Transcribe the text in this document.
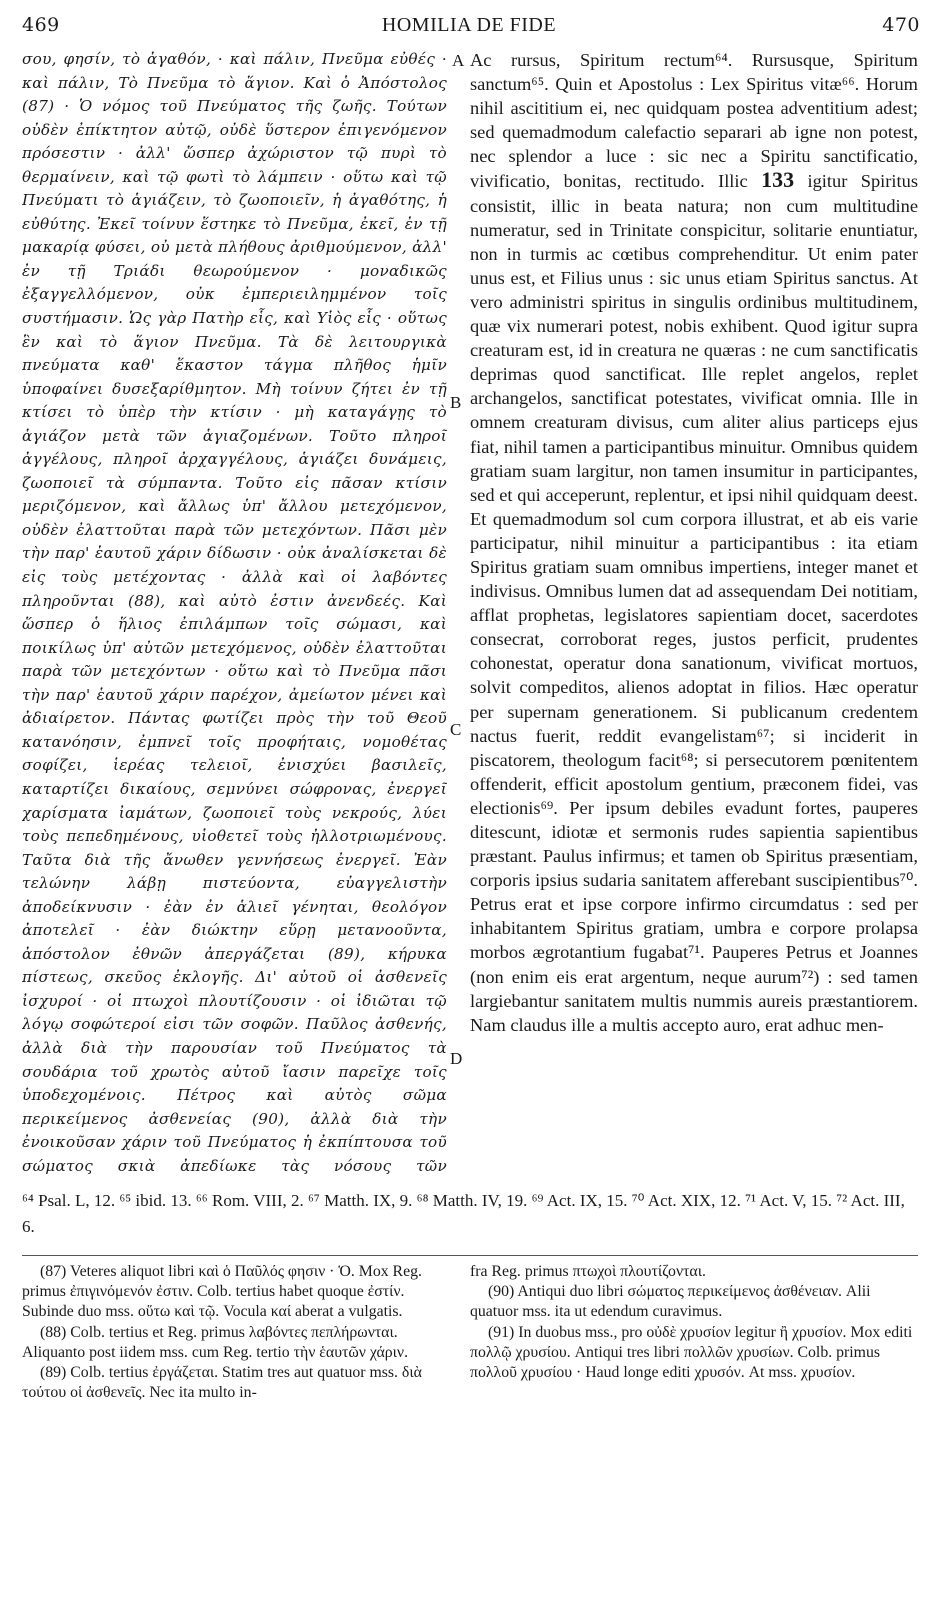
469	HOMILIA DE FIDE	470
σου, φησίν, τὸ ἀγαθόν, · καὶ πάλιν, Πνεῦμα εὐθές · καὶ πάλιν, Τὸ Πνεῦμα τὸ ἅγιον. Καὶ ὁ Ἀπόστολος (87) · Ὁ νόμος τοῦ Πνεύματος τῆς ζωῆς. Τούτων οὐδὲν ἐπίκτητον αὐτῷ, οὐδὲ ὕστερον ἐπιγενόμενον πρόσεστιν · ἀλλ' ὥσπερ ἀχώριστον τῷ πυρὶ τὸ θερμαίνειν, καὶ τῷ φωτὶ τὸ λάμπειν · οὕτω καὶ τῷ Πνεύματι τὸ ἁγιάζειν, τὸ ζωοποιεῖν, ἡ ἀγαθότης, ἡ εὐθύτης. Ἐκεῖ τοίνυν ἕστηκε τὸ Πνεῦμα, ἐκεῖ, ἐν τῇ μακαρίᾳ φύσει, οὐ μετὰ πλήθους ἀριθμούμενον, ἀλλ' ἐν τῇ Τριάδι θεωρούμενον · μοναδικῶς ἐξαγγελλόμενον, οὐκ ἐμπεριειλημμένον τοῖς συστήμασιν. Ὡς γὰρ Πατὴρ εἷς, καὶ Υἱὸς εἷς · οὕτως ἓν καὶ τὸ ἅγιον Πνεῦμα. Τὰ δὲ λειτουργικὰ πνεύματα καθ' ἕκαστον τάγμα πλῆθος ἡμῖν ὑποφαίνει δυσεξαρίθμητον. Μὴ τοίνυν ζήτει ἐν τῇ κτίσει τὸ ὑπὲρ τὴν κτίσιν · μὴ καταγάγῃς τὸ ἁγιάζον μετὰ τῶν ἁγιαζομένων. Τοῦτο πληροῖ ἀγγέλους, πληροῖ ἀρχαγγέλους, ἁγιάζει δυνάμεις, ζωοποιεῖ τὰ σύμπαντα. Τοῦτο εἰς πᾶσαν κτίσιν μεριζόμενον, καὶ ἄλλως ὑπ' ἄλλου μετεχόμενον, οὐδὲν ἐλαττοῦται παρὰ τῶν μετεχόντων. Πᾶσι μὲν τὴν παρ' ἑαυτοῦ χάριν δίδωσιν · οὐκ ἀναλίσκεται δὲ εἰς τοὺς μετέχοντας · ἀλλὰ καὶ οἱ λαβόντες πληροῦνται (88), καὶ αὐτὸ ἐστιν ἀνενδεές. Καὶ ὥσπερ ὁ ἥλιος ἐπιλάμπων τοῖς σώμασι, καὶ ποικίλως ὑπ' αὐτῶν μετεχόμενος, οὐδὲν ἐλαττοῦται παρὰ τῶν μετεχόντων · οὕτω καὶ τὸ Πνεῦμα πᾶσι τὴν παρ' ἑαυτοῦ χάριν παρέχον, ἀμείωτον μένει καὶ ἀδιαίρετον. Πάντας φωτίζει πρὸς τὴν τοῦ Θεοῦ κατανόησιν, ἐμπνεῖ τοῖς προφήταις, νομοθέτας σοφίζει, ἱερέας τελειοῖ, ἐνισχύει βασιλεῖς, καταρτίζει δικαίους, σεμνύνει σώφρονας, ἐνεργεῖ χαρίσματα ἰαμάτων, ζωοποιεῖ τοὺς νεκρούς, λύει τοὺς πεπεδημένους, υἱοθετεῖ τοὺς ἠλλοτριωμένους. Ταῦτα διὰ τῆς ἄνωθεν γεννήσεως ἐνεργεῖ. Ἐὰν τελώνην λάβῃ πιστεύοντα, εὐαγγελιστὴν ἀποδείκνυσιν · ἐὰν ἐν ἁλιεῖ γένηται, θεολόγον ἀποτελεῖ · ἐὰν διώκτην εὕρῃ μετανοοῦντα, ἀπόστολον ἐθνῶν ἀπεργάζεται (89), κήρυκα πίστεως, σκεῦος ἐκλογῆς. Δι' αὐτοῦ οἱ ἀσθενεῖς ἰσχυροί · οἱ πτωχοὶ πλουτίζουσιν · οἱ ἰδιῶται τῷ λόγῳ σοφώτεροί εἰσι τῶν σοφῶν. Παῦλος ἀσθενής, ἀλλὰ διὰ τὴν παρουσίαν τοῦ Πνεύματος τὰ σουδάρια τοῦ χρωτὸς αὐτοῦ ἴασιν παρεῖχε τοῖς ὑποδεχομένοις. Πέτρος καὶ αὐτὸς σῶμα περικείμενος ἀσθενείας (90), ἀλλὰ διὰ τὴν ἐνοικοῦσαν χάριν τοῦ Πνεύματος ἡ ἐκπίπτουσα τοῦ σώματος σκιὰ ἀπεδίωκε τὰς νόσους τῶν
Ac rursus, Spiritum rectum⁶⁴. Rursusque, Spiritum sanctum⁶⁵. Quin et Apostolus : Lex Spiritus vitæ⁶⁶. Horum nihil ascititium ei, nec quidquam postea adventitium adest; sed quemadmodum calefactio separari ab igne non potest, nec splendor a luce : sic nec a Spiritu sanctificatio, vivificatio, bonitas, rectitudo. Illic 133 igitur Spiritus consistit, illic in beata natura; non cum multitudine numeratur, sed in Trinitate conspicitur, solitarie enuntiatur, non in turmis ac cœtibus comprehenditur. Ut enim pater unus est, et Filius unus : sic unus etiam Spiritus sanctus. At vero administri spiritus in singulis ordinibus multitudinem, quæ vix numerari potest, nobis exhibent. Quod igitur supra creaturam est, id in creatura ne quæras : ne cum sanctificatis deprimas quod sanctificat. Ille replet angelos, replet archangelos, sanctificat potestates, vivificat omnia. Ille in omnem creaturam divisus, cum aliter alius particeps ejus fiat, nihil tamen a participantibus minuitur. Omnibus quidem gratiam suam largitur, non tamen insumitur in participantes, sed et qui acceperunt, replentur, et ipsi nihil quidquam deest. Et quemadmodum sol cum corpora illustrat, et ab eis varie participatur, nihil minuitur a participantibus : ita etiam Spiritus gratiam suam omnibus impertiens, integer manet et indivisus. Omnibus lumen dat ad assequendam Dei notitiam, afflat prophetas, legislatores sapientiam docet, sacerdotes consecrat, corroborat reges, justos perficit, prudentes cohonestat, operatur dona sanationum, vivificat mortuos, solvit compeditos, alienos adoptat in filios. Hæc operatur per supernam generationem. Si publicanum credentem nactus fuerit, reddit evangelistam⁶⁷; si inciderit in piscatorem, theologum facit⁶⁸; si persecutorem pœnitentem offenderit, efficit apostolum gentium, præconem fidei, vas electionis⁶⁹. Per ipsum debiles evadunt fortes, pauperes ditescunt, idiotæ et sermonis rudes sapientia sapientibus præstant. Paulus infirmus; et tamen ob Spiritus præsentiam, corporis ipsius sudaria sanitatem afferebant suscipientibus⁷⁰. Petrus erat et ipse corpore infirmo circumdatus : sed per inhabitantem Spiritus gratiam, umbra e corpore prolapsa morbos ægrotantium fugabat⁷¹. Pauperes Petrus et Joannes (non enim eis erat argentum, neque aurum⁷²) : sed tamen largiebantur sanitatem multis nummis aureis præstantiorem. Nam claudus ille a multis accepto auro, erat adhuc men-
A
B
C
D
⁶⁴ Psal. L, 12. ⁶⁵ ibid. 13. ⁶⁶ Rom. VIII, 2. ⁶⁷ Matth. IX, 9. ⁶⁸ Matth. IV, 19. ⁶⁹ Act. IX, 15. ⁷⁰ Act. XIX, 12. ⁷¹ Act. V, 15. ⁷² Act. III, 6.

(87) Veteres aliquot libri καὶ ὁ Παῦλός φησιν · Ὁ. Mox Reg. primus ἐπιγινόμενόν ἐστιν. Colb. tertius habet quoque ἐστίν. Subinde duo mss. οὕτω καὶ τῷ. Vocula καί aberat a vulgatis.

(88) Colb. tertius et Reg. primus λαβόντες πεπλήρωνται. Aliquanto post iidem mss. cum Reg. tertio τὴν ἑαυτῶν χάριν.

(89) Colb. tertius ἐργάζεται. Statim tres aut quatuor mss. διὰ τούτου οἱ ἀσθενεῖς. Nec ita multo in-

fra Reg. primus πτωχοὶ πλουτίζονται.

(90) Antiqui duo libri σώματος περικείμενος ἀσθένειαν. Alii quatuor mss. ita ut edendum curavimus.

(91) In duobus mss., pro οὐδὲ χρυσίον legitur ἢ χρυσίον. Mox editi πολλῷ χρυσίου. Antiqui tres libri πολλῶν χρυσίων. Colb. primus πολλοῦ χρυσίου · Haud longe editi χρυσόν. At mss. χρυσίον.
